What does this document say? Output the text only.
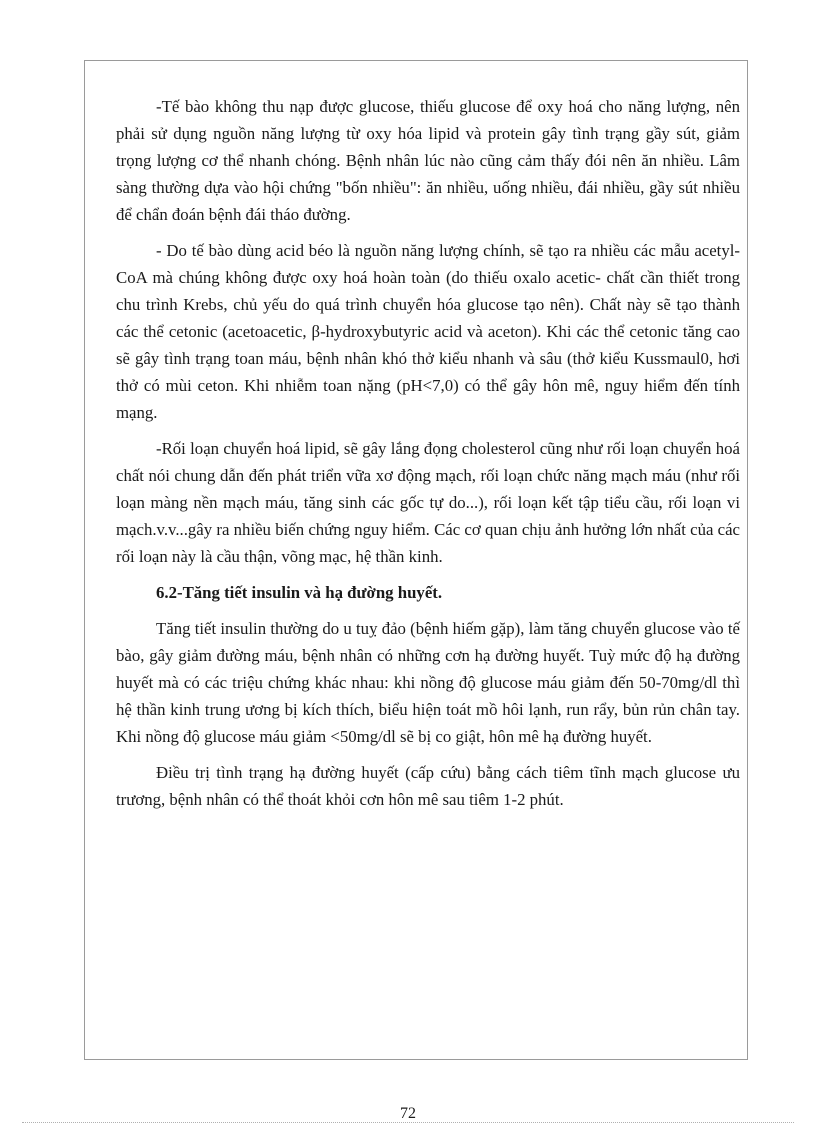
-Tế bào không thu nạp được glucose, thiếu glucose để oxy hoá cho năng lượng, nên phải sử dụng nguồn năng lượng từ oxy hóa lipid và protein gây tình trạng gầy sút, giảm trọng lượng cơ thể nhanh chóng. Bệnh nhân lúc nào cũng cảm thấy đói nên ăn nhiều. Lâm sàng thường dựa vào hội chứng "bốn nhiều": ăn nhiều, uống nhiều, đái nhiều, gầy sút nhiều để chẩn đoán bệnh đái tháo đường.

- Do tế bào dùng acid béo là nguồn năng lượng chính, sẽ tạo ra nhiều các mẫu acetyl-CoA mà chúng không được oxy hoá hoàn toàn (do thiếu oxalo acetic- chất cần thiết trong chu trình Krebs, chủ yếu do quá trình chuyển hóa glucose tạo nên). Chất này sẽ tạo thành các thể cetonic (acetoacetic, β-hydroxybutyric acid và aceton). Khi các thể cetonic tăng cao sẽ gây tình trạng toan máu, bệnh nhân khó thở kiểu nhanh và sâu (thở kiểu Kussmaul0, hơi thở có mùi ceton. Khi nhiễm toan nặng (pH<7,0) có thể gây hôn mê, nguy hiểm đến tính mạng.

-Rối loạn chuyển hoá lipid, sẽ gây lắng đọng cholesterol cũng như rối loạn chuyển hoá chất nói chung dẫn đến phát triển vữa xơ động mạch, rối loạn chức năng mạch máu (như rối loạn màng nền mạch máu, tăng sinh các gốc tự do...), rối loạn kết tập tiểu cầu, rối loạn vi mạch.v.v...gây ra nhiều biến chứng nguy hiểm. Các cơ quan chịu ảnh hưởng lớn nhất của các rối loạn này là cầu thận, võng mạc, hệ thần kinh.

6.2-Tăng tiết insulin và hạ đường huyết.

Tăng tiết insulin thường do u tuỵ đảo (bệnh hiếm gặp), làm tăng chuyển glucose vào tế bào, gây giảm đường máu, bệnh nhân có những cơn hạ đường huyết. Tuỳ mức độ hạ đường huyết mà có các triệu chứng khác nhau: khi nồng độ glucose máu giảm đến 50-70mg/dl thì hệ thần kinh trung ương bị kích thích, biểu hiện toát mồ hôi lạnh, run rẩy, bủn rủn chân tay. Khi nồng độ glucose máu giảm <50mg/dl sẽ bị co giật, hôn mê hạ đường huyết.

Điều trị tình trạng hạ đường huyết (cấp cứu) bằng cách tiêm tĩnh mạch glucose ưu trương, bệnh nhân có thể thoát khỏi cơn hôn mê sau tiêm 1-2 phút.

72
